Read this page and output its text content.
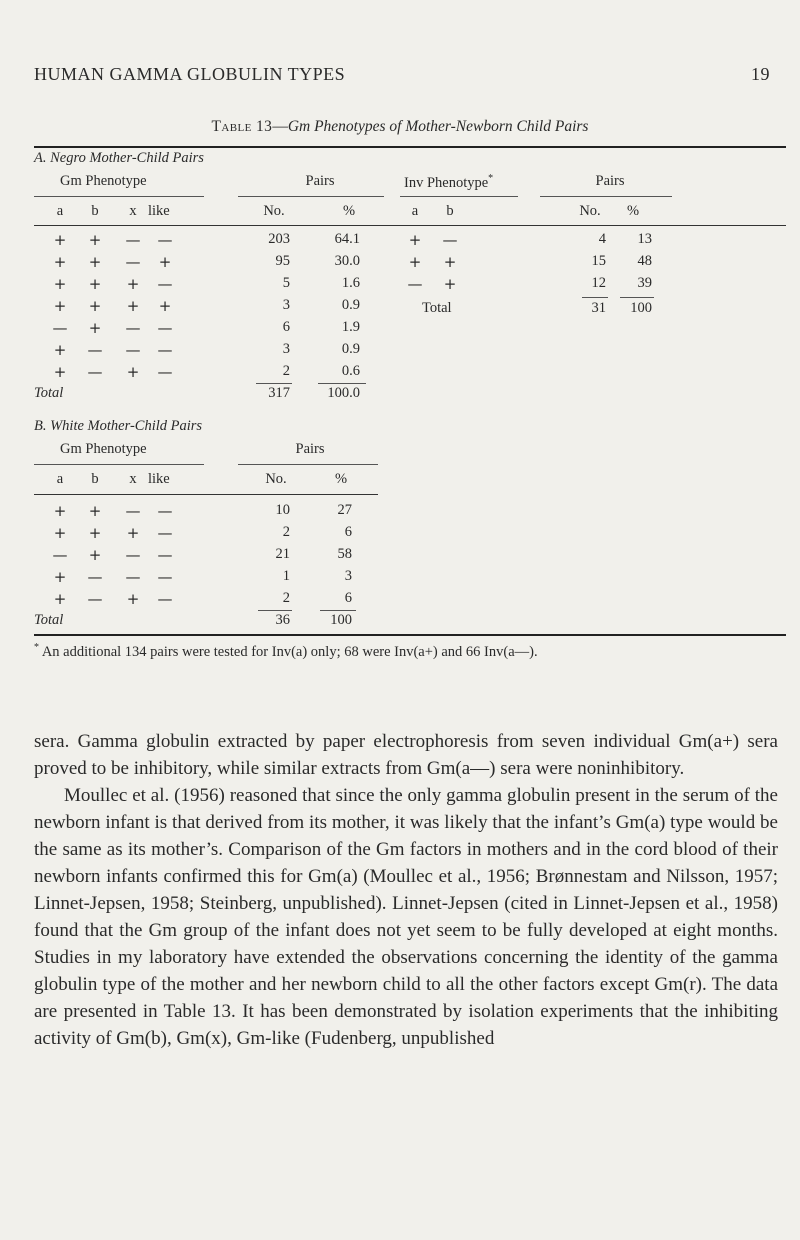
HUMAN GAMMA GLOBULIN TYPES	19
Table 13—Gm Phenotypes of Mother-Newborn Child Pairs
A. Negro Mother-Child Pairs
Gm Phenotype	Pairs	Inv Phenotype*	Pairs
a	b	x like	No.	%	a	b	No.	%
+ + — —	203	64.1
+ + — +	95	30.0
+ + + —	5	1.6
+ + + +	3	0.9
— + — —	6	1.9
+ — — —	3	0.9
+ — + —	2	0.6
Total	317	100.0
+ —	4	13
+ +	15	48
— +	12	39
Total	31	100
B. White Mother-Child Pairs
Gm Phenotype	Pairs
a	b	x like	No.	%
+ + — —	10	27
+ + + —	2	6
— + — —	21	58
+ — — —	1	3
+ — + —	2	6
Total	36	100
* An additional 134 pairs were tested for Inv(a) only; 68 were Inv(a+) and 66 Inv(a—).

sera. Gamma globulin extracted by paper electrophoresis from seven individual Gm(a+) sera proved to be inhibitory, while similar extracts from Gm(a—) sera were noninhibitory.

Moullec et al. (1956) reasoned that since the only gamma globulin present in the serum of the newborn infant is that derived from its mother, it was likely that the infant’s Gm(a) type would be the same as its mother’s. Comparison of the Gm factors in mothers and in the cord blood of their newborn infants confirmed this for Gm(a) (Moullec et al., 1956; Brønnestam and Nilsson, 1957; Linnet-Jepsen, 1958; Steinberg, unpublished). Linnet-Jepsen (cited in Linnet-Jepsen et al., 1958) found that the Gm group of the infant does not yet seem to be fully developed at eight months. Studies in my laboratory have extended the observations concerning the identity of the gamma globulin type of the mother and her newborn child to all the other factors except Gm(r). The data are presented in Table 13. It has been demonstrated by isolation experiments that the inhibiting activity of Gm(b), Gm(x), Gm-like (Fudenberg, unpublished
